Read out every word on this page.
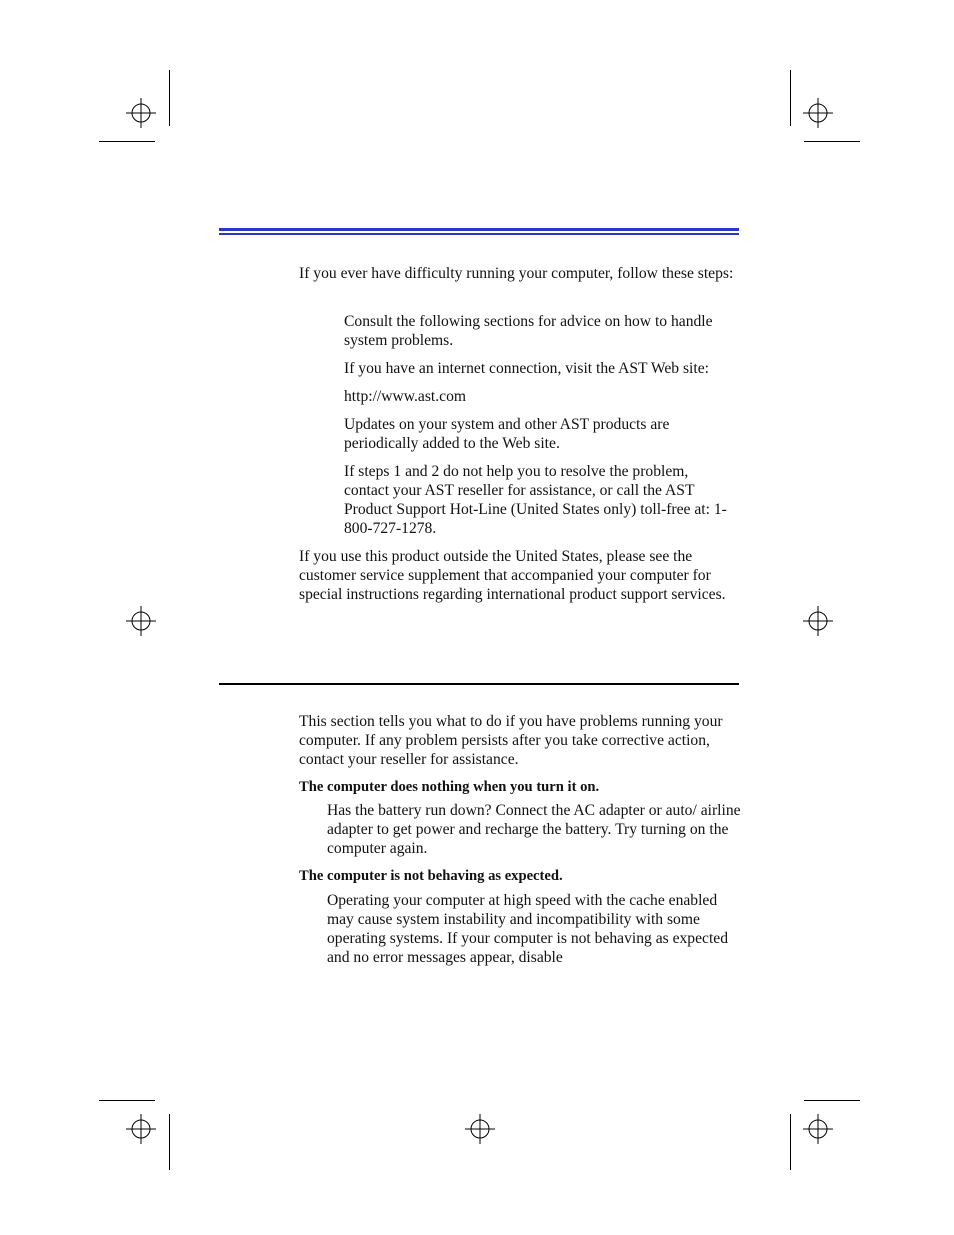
If you ever have difficulty running your computer, follow these steps:

Consult the following sections for advice on how to handle system problems.

If you have an internet connection, visit the AST Web site:

http://www.ast.com

Updates on your system and other AST products are periodically added to the Web site.

If steps 1 and 2 do not help you to resolve the problem, contact your AST reseller for assistance, or call the AST Product Support Hot-Line (United States only) toll-free at: 1-800-727-1278.

If you use this product outside the United States, please see the customer service supplement that accompanied your computer for special instructions regarding international product support services.

This section tells you what to do if you have problems running your computer. If any problem persists after you take corrective action, contact your reseller for assistance.

The computer does nothing when you turn it on.

Has the battery run down? Connect the AC adapter or auto/ airline adapter to get power and recharge the battery. Try turning on the computer again.

The computer is not behaving as expected.

Operating your computer at high speed with the cache enabled may cause system instability and incompatibility with some operating systems. If your computer is not behaving as expected and no error messages appear, disable
